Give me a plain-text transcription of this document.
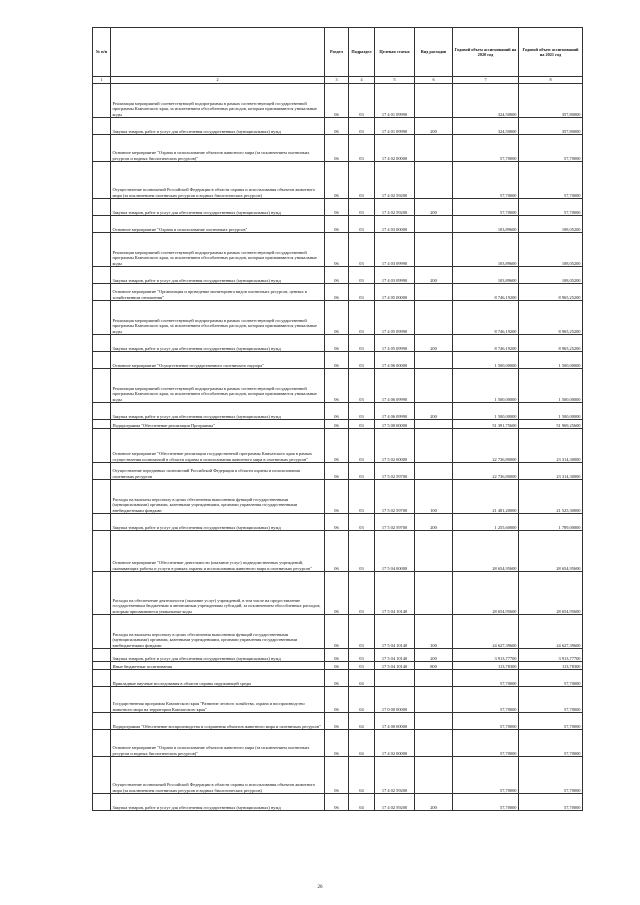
№ п/п		Раздел	Подраздел	Целевая статья	Вид расходов	Годовой объем ассигнований на 2020 год	Годовой объем ассигнований на 2021 год
1	2	3	4	5	6	7	8
	Реализация мероприятий соответствующей подпрограммы в рамках соответствующей государственной программы Камчатского края, за исключением обособленных расходов, которым присваиваются уникальные коды	06	03	17 4 01 09990		324,50000	357,80000
	Закупка товаров, работ и услуг для обеспечения государственных (муниципальных) нужд	06	03	17 4 01 09990	200	324,50000	357,80000
	Основное мероприятие "Охрана и использование объектов животного мира (за исключением охотничьих ресурсов и водных биологических ресурсов)"	06	03	17 4 02 00000		57,70000	57,70000
	Осуществление полномочий Российской Федерации в области охраны и использования объектов животного мира (за исключением охотничьих ресурсов и водных биологических ресурсов)	06	03	17 4 02 59200		57,70000	57,70000
	Закупка товаров, работ и услуг для обеспечения государственных (муниципальных) нужд	06	03	17 4 02 59200	200	57,70000	57,70000
	Основное мероприятие "Охрана и использование охотничьих ресурсов"	06	03	17 4 03 00000		103,89600	108,05200
	Реализация мероприятий соответствующей подпрограммы в рамках соответствующей государственной программы Камчатского края, за исключением обособленных расходов, которым присваиваются уникальные коды	06	03	17 4 03 09990		103,89600	108,05200
	Закупка товаров, работ и услуг для обеспечения государственных (муниципальных) нужд	06	03	17 4 03 09990	200	103,89600	108,05200
	Основное мероприятие "Организация и проведение мониторинга видов охотничьих ресурсов, ценных в хозяйственном отношении"	06	03	17 4 05 00000		8 746,19200	8 965,25200
	Реализация мероприятий соответствующей подпрограммы в рамках соответствующей государственной программы Камчатского края, за исключением обособленных расходов, которым присваиваются уникальные коды	06	03	17 4 05 09990		8 746,19200	8 965,25200
	Закупка товаров, работ и услуг для обеспечения государственных (муниципальных) нужд	06	03	17 4 05 09990	200	8 746,19200	8 965,25200
	Основное мероприятие "Осуществление государственного охотничьего надзора"	06	03	17 4 06 00000		1 500,00000	1 500,00000
	Реализация мероприятий соответствующей подпрограммы в рамках соответствующей государственной программы Камчатского края, за исключением обособленных расходов, которым присваиваются уникальные коды	06	03	17 4 06 09990		1 500,00000	1 500,00000
	Закупка товаров, работ и услуг для обеспечения государственных (муниципальных) нужд	06	03	17 4 06 09990	200	1 500,00000	1 500,00000
	Подпрограмма "Обеспечение реализации Программы"	06	03	17 5 00 00000		51 391,75600	51 969,25600
	Основное мероприятие "Обеспечение реализации государственной программы Камчатского края в рамках осуществления полномочий в области охраны и использования животного мира в охотничьих ресурсов"	06	03	17 5 02 00000		22 736,80000	23 314,30000
	Осуществление переданных полномочий Российской Федерации в области охраны и использования охотничьих ресурсов	06	03	17 5 02 59700		22 736,80000	23 314,30000
	Расходы на выплаты персоналу в целях обеспечения выполнения функций государственными (муниципальными) органами, казенными учреждениями, органами управления государственными внебюджетными фондами	06	03	17 5 02 59700	100	21 481,20000	21 525,30000
	Закупка товаров, работ и услуг для обеспечения государственных (муниципальных) нужд	06	03	17 5 02 59700	200	1 255,60000	1 789,00000
	Основное мероприятие "Обеспечение деятельности (оказание услуг) подведомственных учреждений, оказывающих работы и услуги в рамках охраны и использования животного мира и охотничьих ресурсов"	06	03	17 5 04 00000		28 654,95600	28 654,95600
	Расходы на обеспечение деятельности (оказание услуг) учреждений, в том числе на предоставление государственным бюджетным и автономным учреждениям субсидий, за исключением обособленных расходов, которым присваиваются уникальные коды	06	03	17 5 04 10140		28 654,95600	28 654,95600
	Расходы на выплаты персоналу в целях обеспечения выполнения функций государственными (муниципальными) органами, казенными учреждениями, органами управления государственными внебюджетными фондами	06	03	17 5 04 10140	100	24 627,39600	24 627,39600
	Закупка товаров, работ и услуг для обеспечения государственных (муниципальных) нужд	06	03	17 5 04 10140	200	3 913,77700	3 913,77700
	Иные бюджетные ассигнования	06	03	17 5 04 10140	800	113,78300	113,78300
	Прикладные научные исследования в области охраны окружающей среды	06	04			57,70000	57,70000
	Государственная программа Камчатского края "Развитие лесного хозяйства, охрана и воспроизводство животного мира на территории Камчатского края"	06	04	17 0 00 00000		57,70000	57,70000
	Подпрограмма "Обеспечение воспроизводства и сохранения объектов животного мира и охотничьих ресурсов"	06	04	17 4 00 00000		57,70000	57,70000
	Основное мероприятие "Охрана и использование объектов животного мира (за исключением охотничьих ресурсов и водных биологических ресурсов)"	06	04	17 4 02 00000		57,70000	57,70000
	Осуществление полномочий Российской Федерации в области охраны и использования объектов животного мира (за исключением охотничьих ресурсов и водных биологических ресурсов)	06	04	17 4 02 59200		57,70000	57,70000
	Закупка товаров, работ и услуг для обеспечения государственных (муниципальных) нужд	06	04	17 4 02 59200	200	57,70000	57,70000
26
